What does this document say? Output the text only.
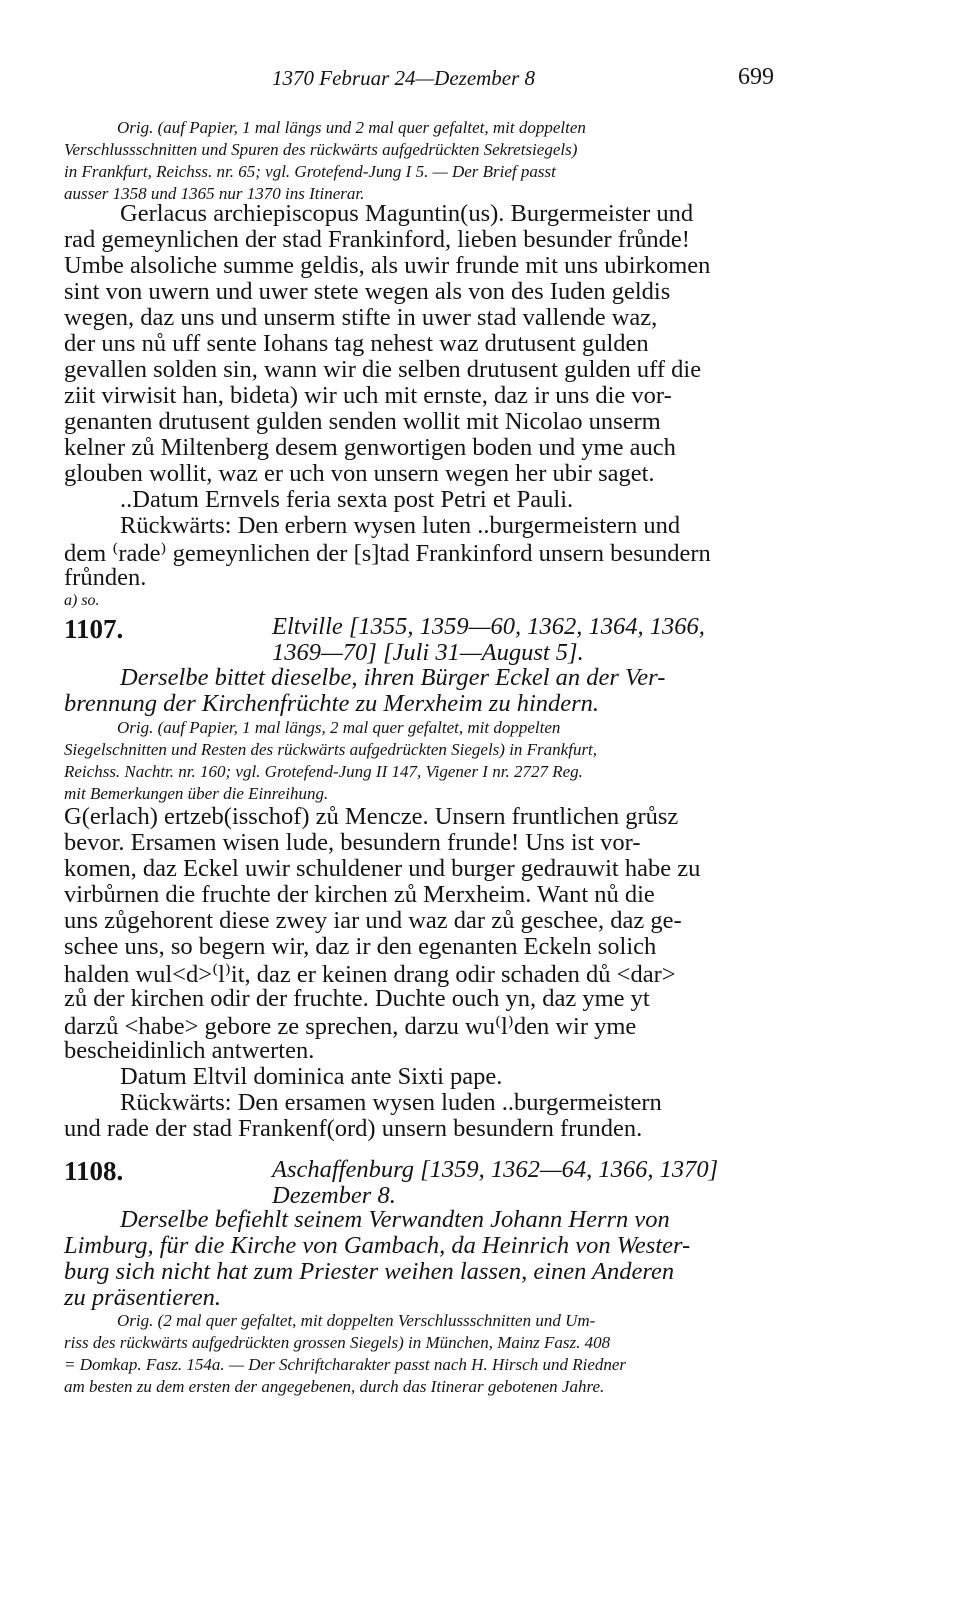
1370 Februar 24—Dezember 8	699
Orig. (auf Papier, 1 mal längs und 2 mal quer gefaltet, mit doppelten
Verschlussschnitten und Spuren des rückwärts aufgedrückten Sekretsiegels)
in Frankfurt, Reichss. nr. 65; vgl. Grotefend-Jung I 5. — Der Brief passt
ausser 1358 und 1365 nur 1370 ins Itinerar.
Gerlacus archiepiscopus Maguntin(us). Burgermeister und
rad gemeynlichen der stad Frankinford, lieben besunder frůnde!
Umbe alsoliche summe geldis, als uwir frunde mit uns ubirkomen
sint von uwern und uwer stete wegen als von des Iuden geldis
wegen, daz uns und unserm stifte in uwer stad vallende waz,
der uns nů uff sente Iohans tag nehest waz drutusent gulden
gevallen solden sin, wann wir die selben drutusent gulden uff die
ziit virwisit han, bideta) wir uch mit ernste, daz ir uns die vor-
genanten drutusent gulden senden wollit mit Nicolao unserm
kelner zů Miltenberg desem genwortigen boden und yme auch
glouben wollit, waz er uch von unsern wegen her ubir saget.
..Datum Ernvels feria sexta post Petri et Pauli.
Rückwärts: Den erbern wysen luten ..burgermeistern und
dem ⁽rade⁾ gemeynlichen der [s]tad Frankinford unsern besundern
frůnden.
a) so.
1107.	Eltville [1355, 1359—60, 1362, 1364, 1366,
1369—70] [Juli 31—August 5].
Derselbe bittet dieselbe, ihren Bürger Eckel an der Ver-
brennung der Kirchenfrüchte zu Merxheim zu hindern.
Orig. (auf Papier, 1 mal längs, 2 mal quer gefaltet, mit doppelten
Siegelschnitten und Resten des rückwärts aufgedrückten Siegels) in Frankfurt,
Reichss. Nachtr. nr. 160; vgl. Grotefend-Jung II 147, Vigener I nr. 2727 Reg.
mit Bemerkungen über die Einreihung.
G(erlach) ertzeb(isschof) zů Mencze. Unsern fruntlichen grůsz
bevor. Ersamen wisen lude, besundern frunde! Uns ist vor-
komen, daz Eckel uwir schuldener und burger gedrauwit habe zu
virbůrnen die fruchte der kirchen zů Merxheim. Want nů die
uns zůgehorent diese zwey iar und waz dar zů geschee, daz ge-
schee uns, so begern wir, daz ir den egenanten Eckeln solich
halden wul<d>⁽l⁾it, daz er keinen drang odir schaden dů <dar>
zů der kirchen odir der fruchte. Duchte ouch yn, daz yme yt
darzů <habe> gebore ze sprechen, darzu wu⁽l⁾den wir yme
bescheidinlich antwerten.
Datum Eltvil dominica ante Sixti pape.
Rückwärts: Den ersamen wysen luden ..burgermeistern
und rade der stad Frankenf(ord) unsern besundern frunden.
1108.	Aschaffenburg [1359, 1362—64, 1366, 1370]
Dezember 8.
Derselbe befiehlt seinem Verwandten Johann Herrn von
Limburg, für die Kirche von Gambach, da Heinrich von Wester-
burg sich nicht hat zum Priester weihen lassen, einen Anderen
zu präsentieren.
Orig. (2 mal quer gefaltet, mit doppelten Verschlussschnitten und Um-
riss des rückwärts aufgedrückten grossen Siegels) in München, Mainz Fasz. 408
= Domkap. Fasz. 154a. — Der Schriftcharakter passt nach H. Hirsch und Riedner
am besten zu dem ersten der angegebenen, durch das Itinerar gebotenen Jahre.
